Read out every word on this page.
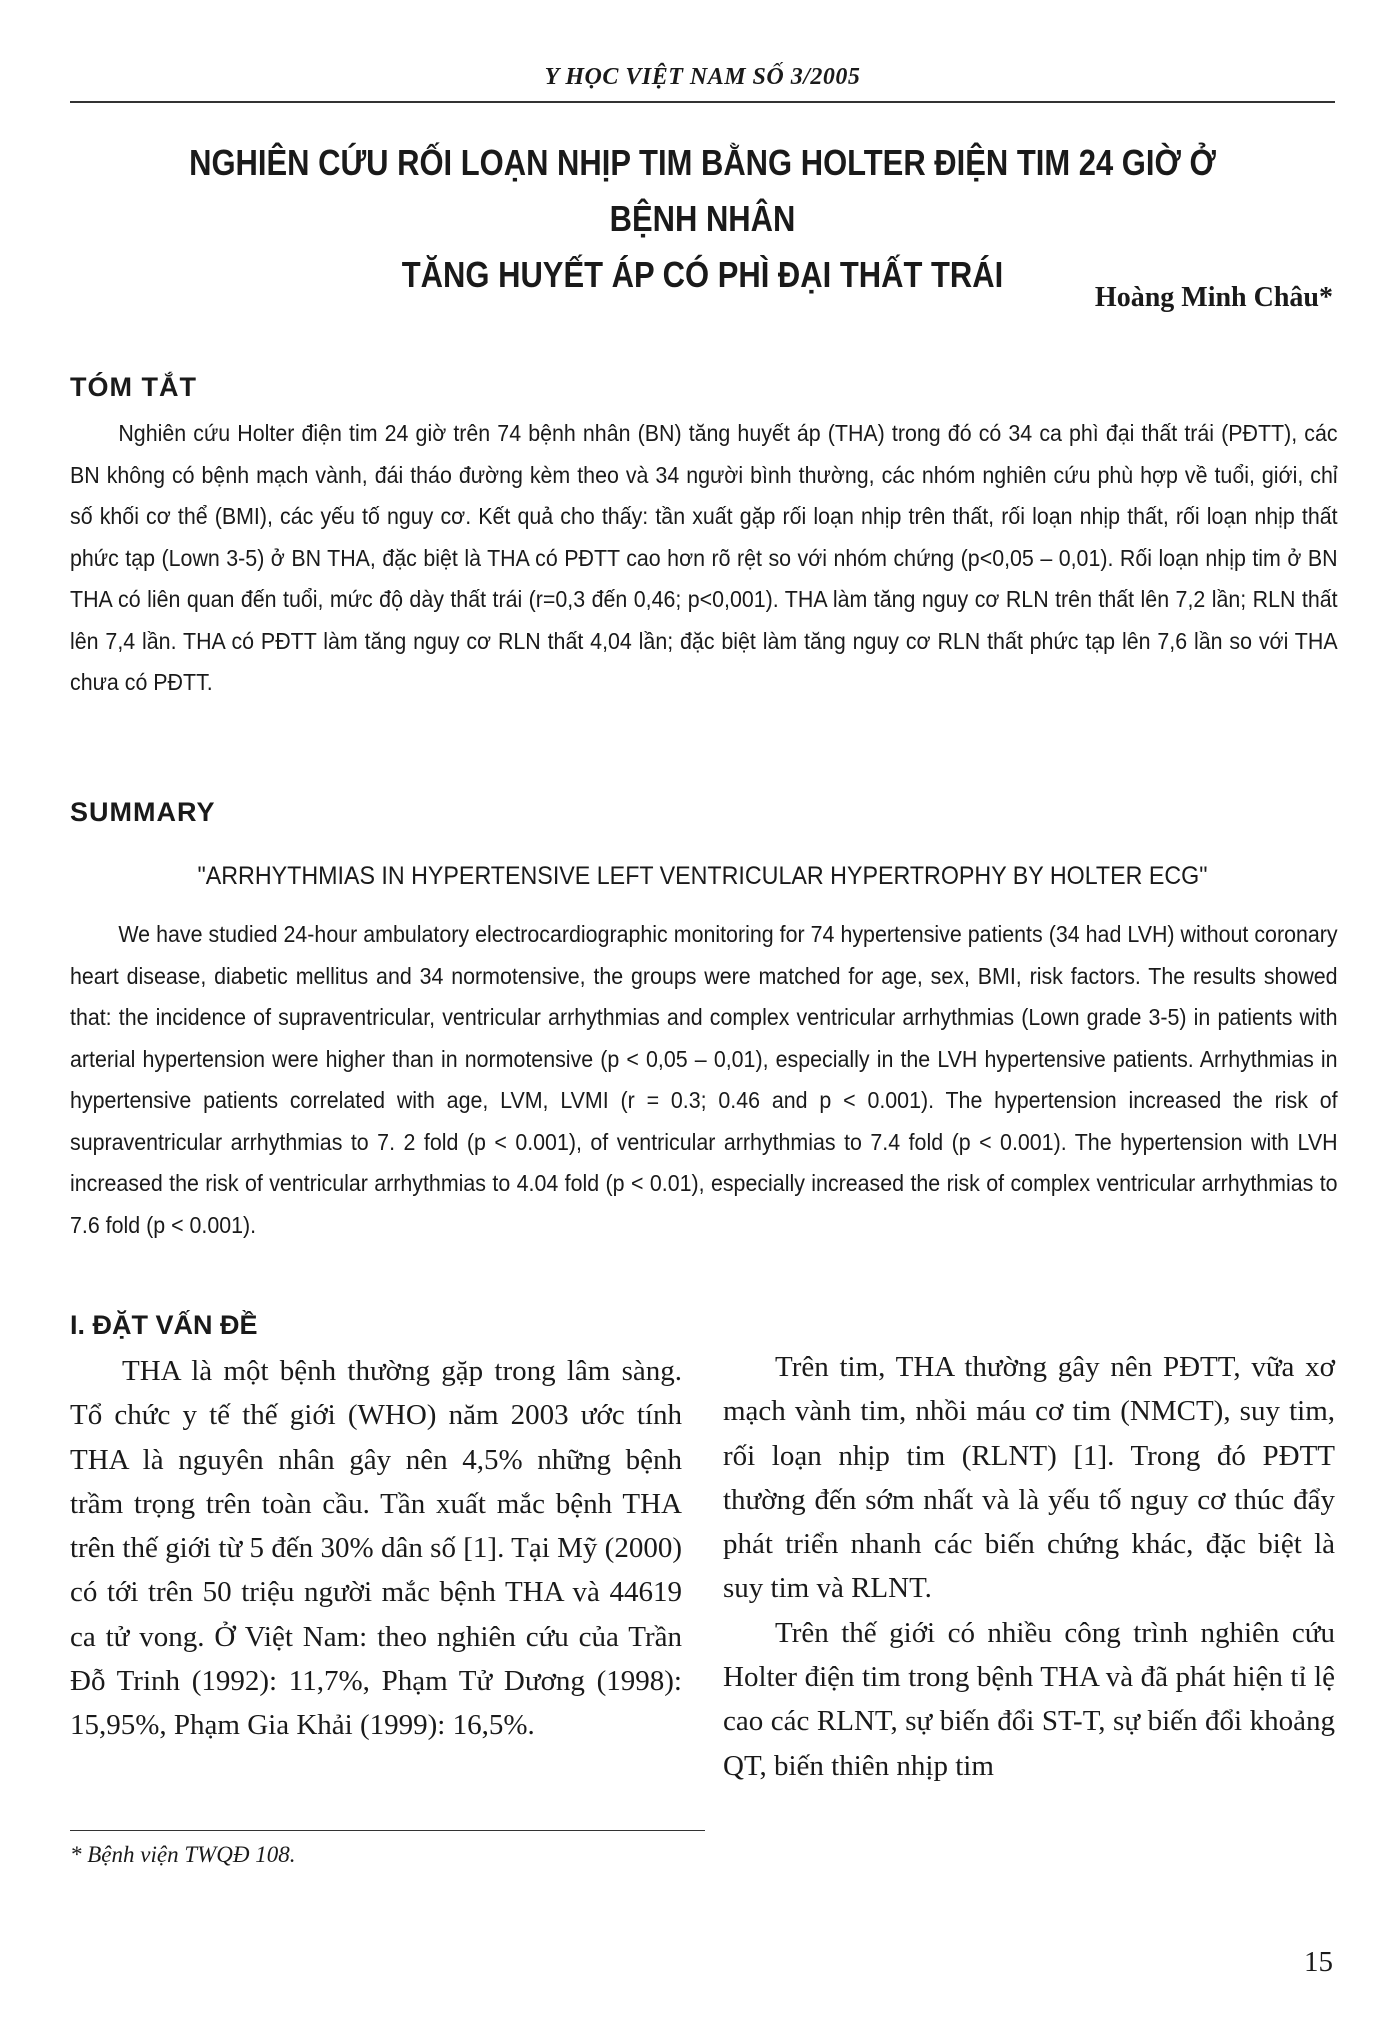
Y HỌC VIỆT NAM SỐ 3/2005
NGHIÊN CỨU RỐI LOẠN NHỊP TIM BẰNG HOLTER ĐIỆN TIM 24 GIỜ Ở BỆNH NHÂN
TĂNG HUYẾT ÁP CÓ PHÌ ĐẠI THẤT TRÁI
Hoàng Minh Châu*
TÓM TẮT

Nghiên cứu Holter điện tim 24 giờ trên 74 bệnh nhân (BN) tăng huyết áp (THA) trong đó có 34 ca phì đại thất trái (PĐTT), các BN không có bệnh mạch vành, đái tháo đường kèm theo và 34 người bình thường, các nhóm nghiên cứu phù hợp về tuổi, giới, chỉ số khối cơ thể (BMI), các yếu tố nguy cơ. Kết quả cho thấy: tần xuất gặp rối loạn nhịp trên thất, rối loạn nhịp thất, rối loạn nhịp thất phức tạp (Lown 3-5) ở BN THA, đặc biệt là THA có PĐTT cao hơn rõ rệt so với nhóm chứng (p<0,05 – 0,01). Rối loạn nhịp tim ở BN THA có liên quan đến tuổi, mức độ dày thất trái (r=0,3 đến 0,46; p<0,001). THA làm tăng nguy cơ RLN trên thất lên 7,2 lần; RLN thất lên 7,4 lần. THA có PĐTT làm tăng nguy cơ RLN thất 4,04 lần; đặc biệt làm tăng nguy cơ RLN thất phức tạp lên 7,6 lần so với THA chưa có PĐTT.

SUMMARY
"ARRHYTHMIAS IN HYPERTENSIVE LEFT VENTRICULAR HYPERTROPHY BY HOLTER ECG"

We have studied 24-hour ambulatory electrocardiographic monitoring for 74 hypertensive patients (34 had LVH) without coronary heart disease, diabetic mellitus and 34 normotensive, the groups were matched for age, sex, BMI, risk factors. The results showed that: the incidence of supraventricular, ventricular arrhythmias and complex ventricular arrhythmias (Lown grade 3-5) in patients with arterial hypertension were higher than in normotensive (p < 0,05 – 0,01), especially in the LVH hypertensive patients. Arrhythmias in hypertensive patients correlated with age, LVM, LVMI (r = 0.3; 0.46 and p < 0.001). The hypertension increased the risk of supraventricular arrhythmias to 7. 2 fold (p < 0.001), of ventricular arrhythmias to 7.4 fold (p < 0.001). The hypertension with LVH increased the risk of ventricular arrhythmias to 4.04 fold (p < 0.01), especially increased the risk of complex ventricular arrhythmias to 7.6 fold (p < 0.001).

I. ĐẶT VẤN ĐỀ

THA là một bệnh thường gặp trong lâm sàng. Tổ chức y tế thế giới (WHO) năm 2003 ước tính THA là nguyên nhân gây nên 4,5% những bệnh trầm trọng trên toàn cầu. Tần xuất mắc bệnh THA trên thế giới từ 5 đến 30% dân số [1]. Tại Mỹ (2000) có tới trên 50 triệu người mắc bệnh THA và 44619 ca tử vong. Ở Việt Nam: theo nghiên cứu của Trần Đỗ Trinh (1992): 11,7%, Phạm Tử Dương (1998): 15,95%, Phạm Gia Khải (1999): 16,5%.

Trên tim, THA thường gây nên PĐTT, vữa xơ mạch vành tim, nhồi máu cơ tim (NMCT), suy tim, rối loạn nhịp tim (RLNT) [1]. Trong đó PĐTT thường đến sớm nhất và là yếu tố nguy cơ thúc đẩy phát triển nhanh các biến chứng khác, đặc biệt là suy tim và RLNT.

Trên thế giới có nhiều công trình nghiên cứu Holter điện tim trong bệnh THA và đã phát hiện tỉ lệ cao các RLNT, sự biến đổi ST-T, sự biến đổi khoảng QT, biến thiên nhịp tim

* Bệnh viện TWQĐ 108.
15
